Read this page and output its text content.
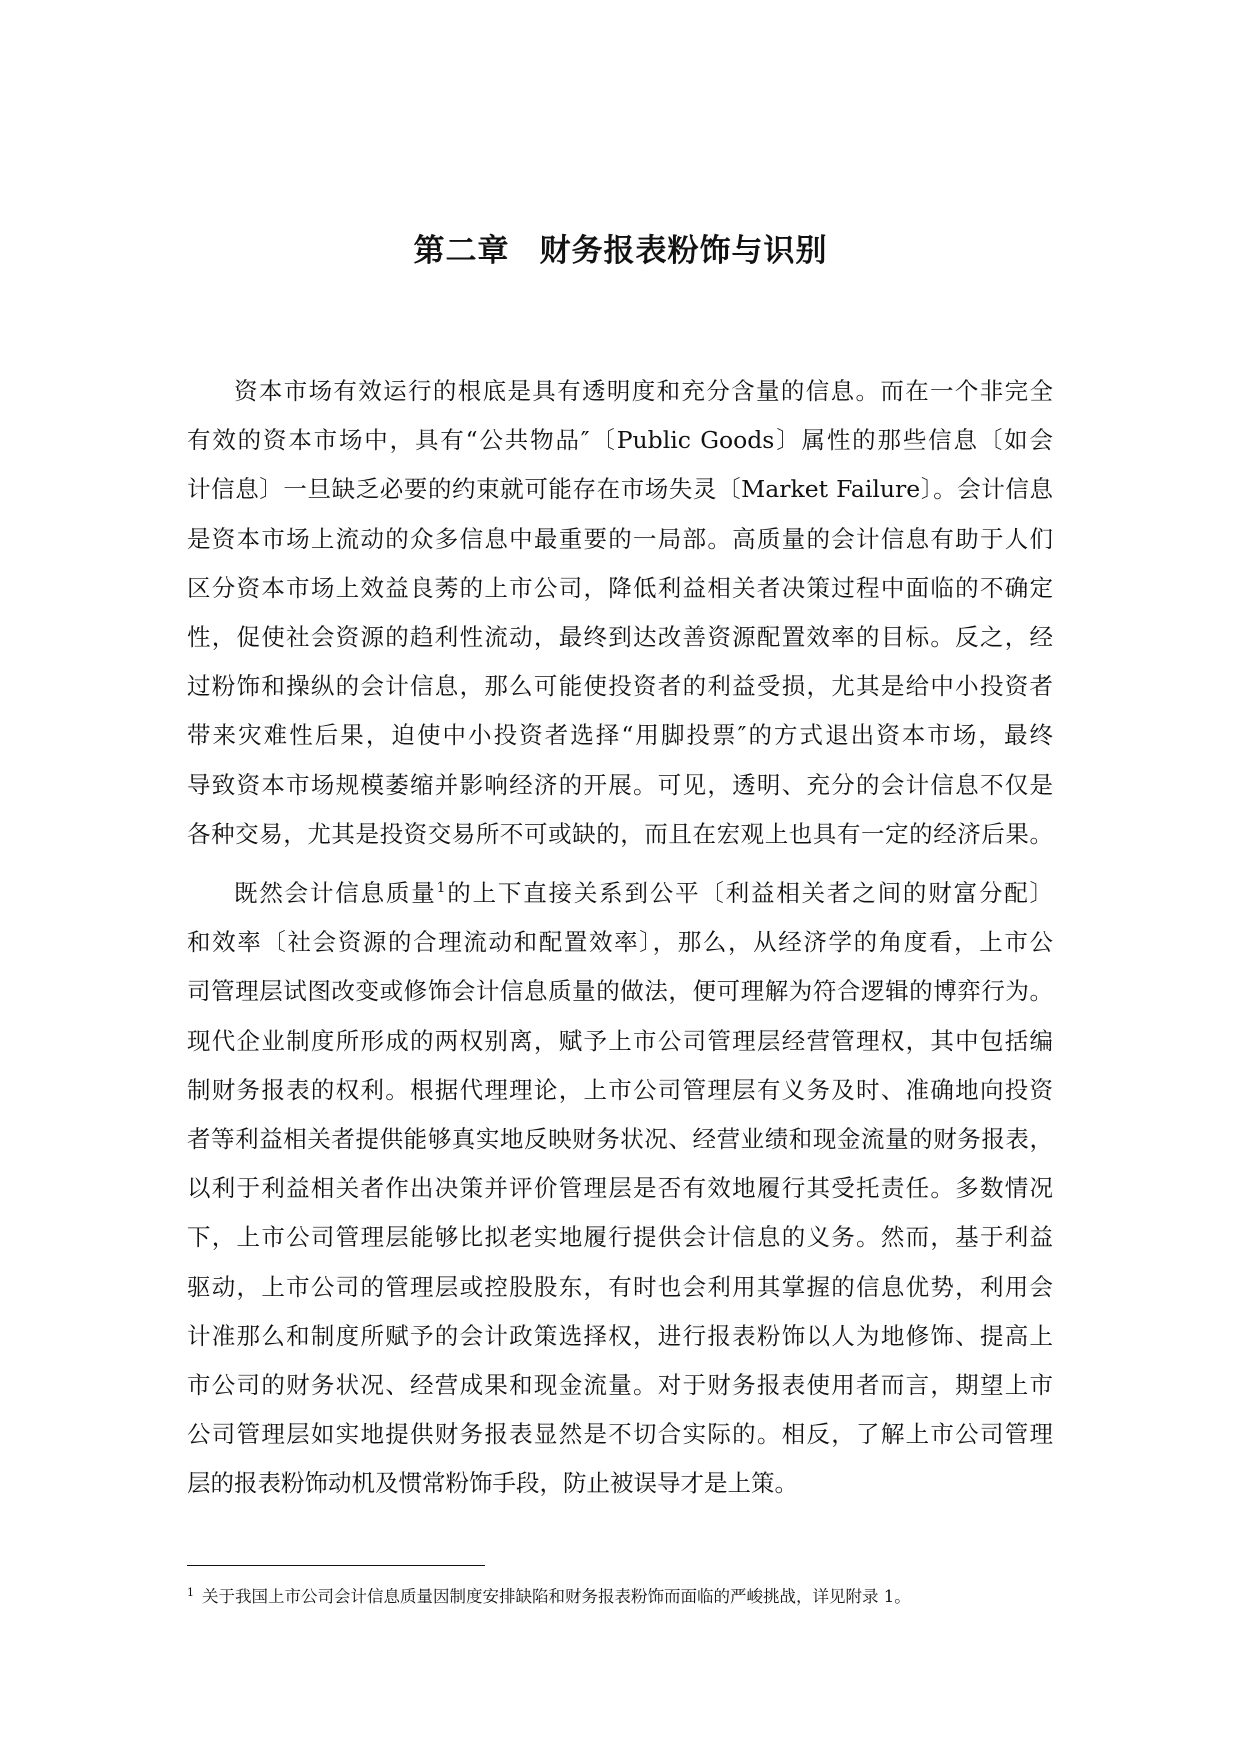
第二章 财务报表粉饰与识别
资本市场有效运行的根底是具有透明度和充分含量的信息。而在一个非完全
有效的资本市场中，具有“公共物品″〔Public Goods〕属性的那些信息〔如会
计信息〕一旦缺乏必要的约束就可能存在市场失灵〔Market Failure〕。会计信息
是资本市场上流动的众多信息中最重要的一局部。高质量的会计信息有助于人们
区分资本市场上效益良莠的上市公司，降低利益相关者决策过程中面临的不确定
性，促使社会资源的趋利性流动，最终到达改善资源配置效率的目标。反之，经
过粉饰和操纵的会计信息，那么可能使投资者的利益受损，尤其是给中小投资者
带来灾难性后果，迫使中小投资者选择“用脚投票″的方式退出资本市场，最终
导致资本市场规模萎缩并影响经济的开展。可见，透明、充分的会计信息不仅是
各种交易，尤其是投资交易所不可或缺的，而且在宏观上也具有一定的经济后果。
既然会计信息质量$^1$的上下直接关系到公平〔利益相关者之间的财富分配〕
和效率〔社会资源的合理流动和配置效率〕，那么，从经济学的角度看，上市公
司管理层试图改变或修饰会计信息质量的做法，便可理解为符合逻辑的博弈行为。
现代企业制度所形成的两权别离，赋予上市公司管理层经营管理权，其中包括编
制财务报表的权利。根据代理理论，上市公司管理层有义务及时、准确地向投资
者等利益相关者提供能够真实地反映财务状况、经营业绩和现金流量的财务报表，
以利于利益相关者作出决策并评价管理层是否有效地履行其受托责任。多数情况
下，上市公司管理层能够比拟老实地履行提供会计信息的义务。然而，基于利益
驱动，上市公司的管理层或控股股东，有时也会利用其掌握的信息优势，利用会
计准那么和制度所赋予的会计政策选择权，进行报表粉饰以人为地修饰、提高上
市公司的财务状况、经营成果和现金流量。对于财务报表使用者而言，期望上市
公司管理层如实地提供财务报表显然是不切合实际的。相反，了解上市公司管理
层的报表粉饰动机及惯常粉饰手段，防止被误导才是上策。

$^1$ 关于我国上市公司会计信息质量因制度安排缺陷和财务报表粉饰而面临的严峻挑战，详见附录 1。
